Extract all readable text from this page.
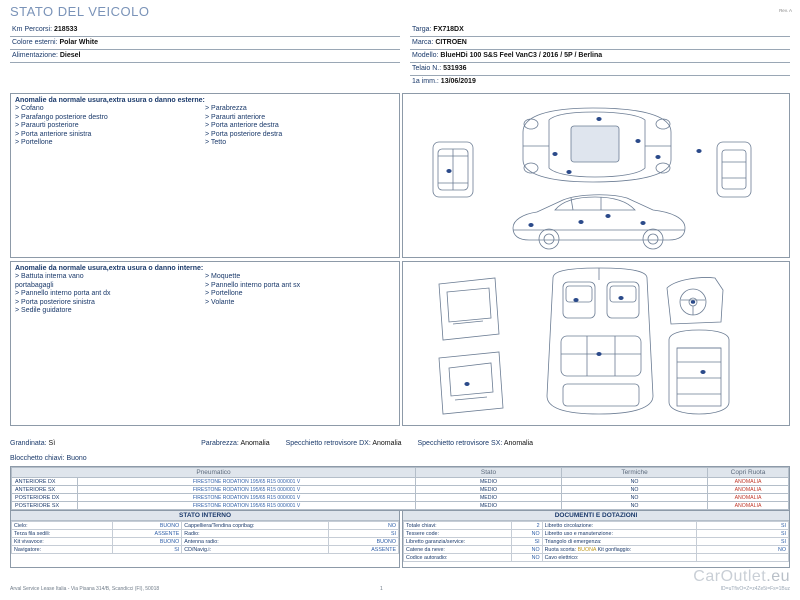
STATO DEL VEICOLO	Rev. A
Km Percorsi: 218533
Colore esterni: Polar White
Alimentazione: Diesel
Targa: FX718DX
Marca: CITROEN
Modello: BlueHDi 100 S&S Feel VanC3 / 2016 / 5P / Berlina
Telaio N.: 531936
1a imm.: 13/06/2019
Anomalie da normale usura,extra usura o danno esterne:
> Cofano
> Parafango posteriore destro
> Paraurti posteriore
> Porta anteriore sinistra
> Portellone
> Parabrezza
> Paraurti anteriore
> Porta anteriore destra
> Porta posteriore destra
> Tetto
Anomalie da normale usura,extra usura o danno interne:
> Battuta interna vano
portabagagli
> Pannello interno porta ant dx
> Porta posteriore sinistra
> Sedile guidatore
> Moquette
> Pannello interno porta ant sx
> Portellone
> Volante
Grandinata: Sì	Parabrezza: Anomalia Specchietto retrovisore DX: Anomalia Specchietto retrovisore SX: Anomalia
Blocchetto chiavi: Buono
Pneumatico		Stato	Termiche	Copri Ruota
ANTERIORE DX	FIRESTONE RODATION 195/65 R15 000/001 V	MEDIO	NO	ANOMALIA
ANTERIORE SX	FIRESTONE RODATION 195/65 R15 000/001 V	MEDIO	NO	ANOMALIA
POSTERIORE DX	FIRESTONE RODATION 195/65 R15 000/001 V	MEDIO	NO	ANOMALIA
POSTERIORE SX	FIRESTONE RODATION 195/65 R15 000/001 V	MEDIO	NO	ANOMALIA
STATO INTERNO
Cielo:	BUONO	Cappelliera/Tendina copribag:	NO
Terza fila sedili:	ASSENTE	Radio:	SI
Kit vivavoce:	BUONO	Antenna radio:	BUONO
Navigatore:	SI	CD/Navig.i:	ASSENTE
DOCUMENTI E DOTAZIONI
Totale chiavi:	2	Libretto circolazione:	SI
Tessere code:	NO	Libretto uso e manutenzione:	SI
Libretto garanzia/service:	SI	Triangolo di emergenza:	SI
Catene da neve:	NO	Ruota scorta: BUONA Kit gonfiaggio:	NO
Codice autoradio:	NO	Cavo elettrico:	
CarOutlet.eu
Arval Service Lease Italia - Via Pisana 314/B, Scandicci (FI), 50018	1	ID=uTfivO=Z=z4Ze5i=Fs=1Buz
